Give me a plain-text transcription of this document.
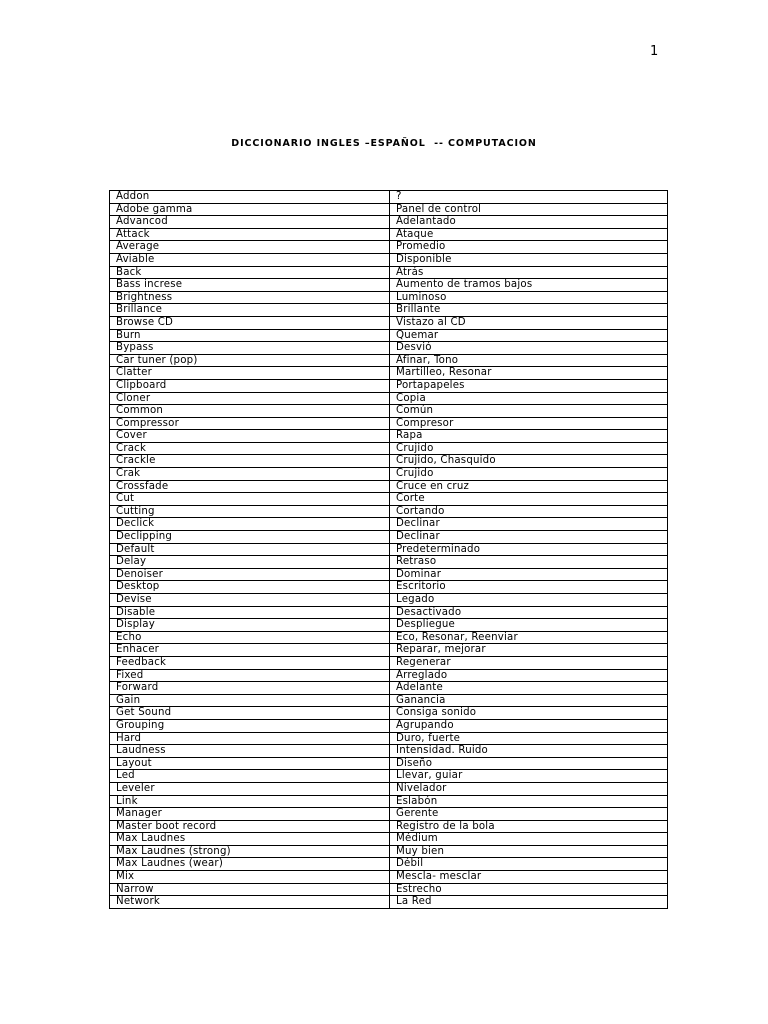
1
DICCIONARIO INGLES –ESPAÑOL  -- COMPUTACION
Addon	?
Adobe gamma	Panel de control
Advancod	Adelantado
Attack	Ataque
Average	Promedio
Aviable	Disponible
Back	Atrás
Bass increse	Aumento de tramos bajos
Brightness	Luminoso
Brillance	Brillante
Browse CD	Vistazo al CD
Burn	Quemar
Bypass	Desvió
Car tuner (pop)	Afinar, Tono
Clatter	Martilleo, Resonar
Clipboard	Portapapeles
Cloner	Copia
Common	Común
Compressor	Compresor
Cover	Rapa
Crack	Crujido
Crackle	Crujido, Chasquido
Crak	Crujido
Crossfade	Cruce en cruz
Cut	Corte
Cutting	Cortando
Declick	Declinar
Declipping	Declinar
Default	Predeterminado
Delay	Retraso
Denoiser	Dominar
Desktop	Escritorio
Devise	Legado
Disable	Desactivado
Display	Despliegue
Echo	Eco, Resonar, Reenviar
Enhacer	Reparar, mejorar
Feedback	Regenerar
Fixed	Arreglado
Forward	Adelante
Gain	Ganancia
Get Sound	Consiga sonido
Grouping	Agrupando
Hard	Duro, fuerte
Laudness	Intensidad. Ruido
Layout	Diseño
Led	Llevar, guiar
Leveler	Nivelador
Link	Eslabón
Manager	Gerente
Master boot record	Registro de la bola
Max Laudnes	Médium
Max Laudnes (strong)	Muy bien
Max Laudnes (wear)	Débil
Mix	Mescla- mesclar
Narrow	Estrecho
Network	La Red
